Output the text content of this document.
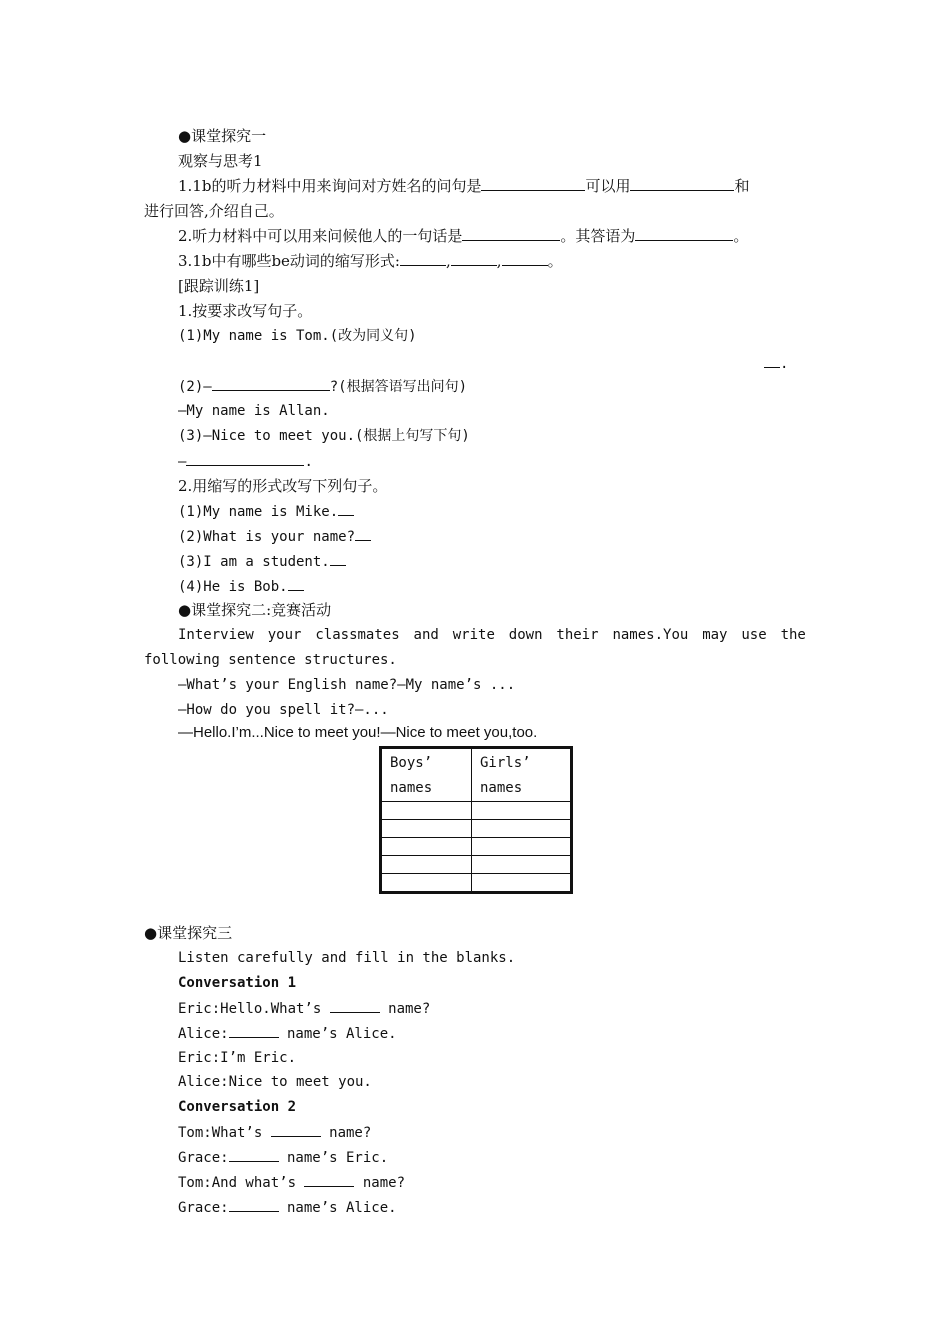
●课堂探究一
观察与思考1
1.1b的听力材料中用来询问对方姓名的问句是	可以用	和
进行回答,介绍自己。
2.听力材料中可以用来问候他人的一句话是	。其答语为	。
3.1b中有哪些be动词的缩写形式:	,	,	。
[跟踪训练1]
1.按要求改写句子。
(1)My name is Tom.(改为同义句)
.
(2)—	?(根据答语写出问句)
—My name is Allan.
(3)—Nice to meet you.(根据上句写下句)
—	.
2.用缩写的形式改写下列句子。
(1)My name is Mike.
(2)What is your name?
(3)I am a student.
(4)He is Bob.
●课堂探究二:竞赛活动
Interview your classmates and write down their names.You may use the
following sentence structures.
—What’s your English name?—My name’s ...
—How do you spell it?—...
—Hello.I’m...Nice to meet you!—Nice to meet you,too.
Boys’
names	Girls’
names

●课堂探究三
Listen carefully and fill in the blanks.
Conversation 1
Eric:Hello.What’s	name?
Alice:	name’s Alice.
Eric:I’m Eric.
Alice:Nice to meet you.
Conversation 2
Tom:What’s	name?
Grace:	name’s Eric.
Tom:And what’s	name?
Grace:	name’s Alice.
